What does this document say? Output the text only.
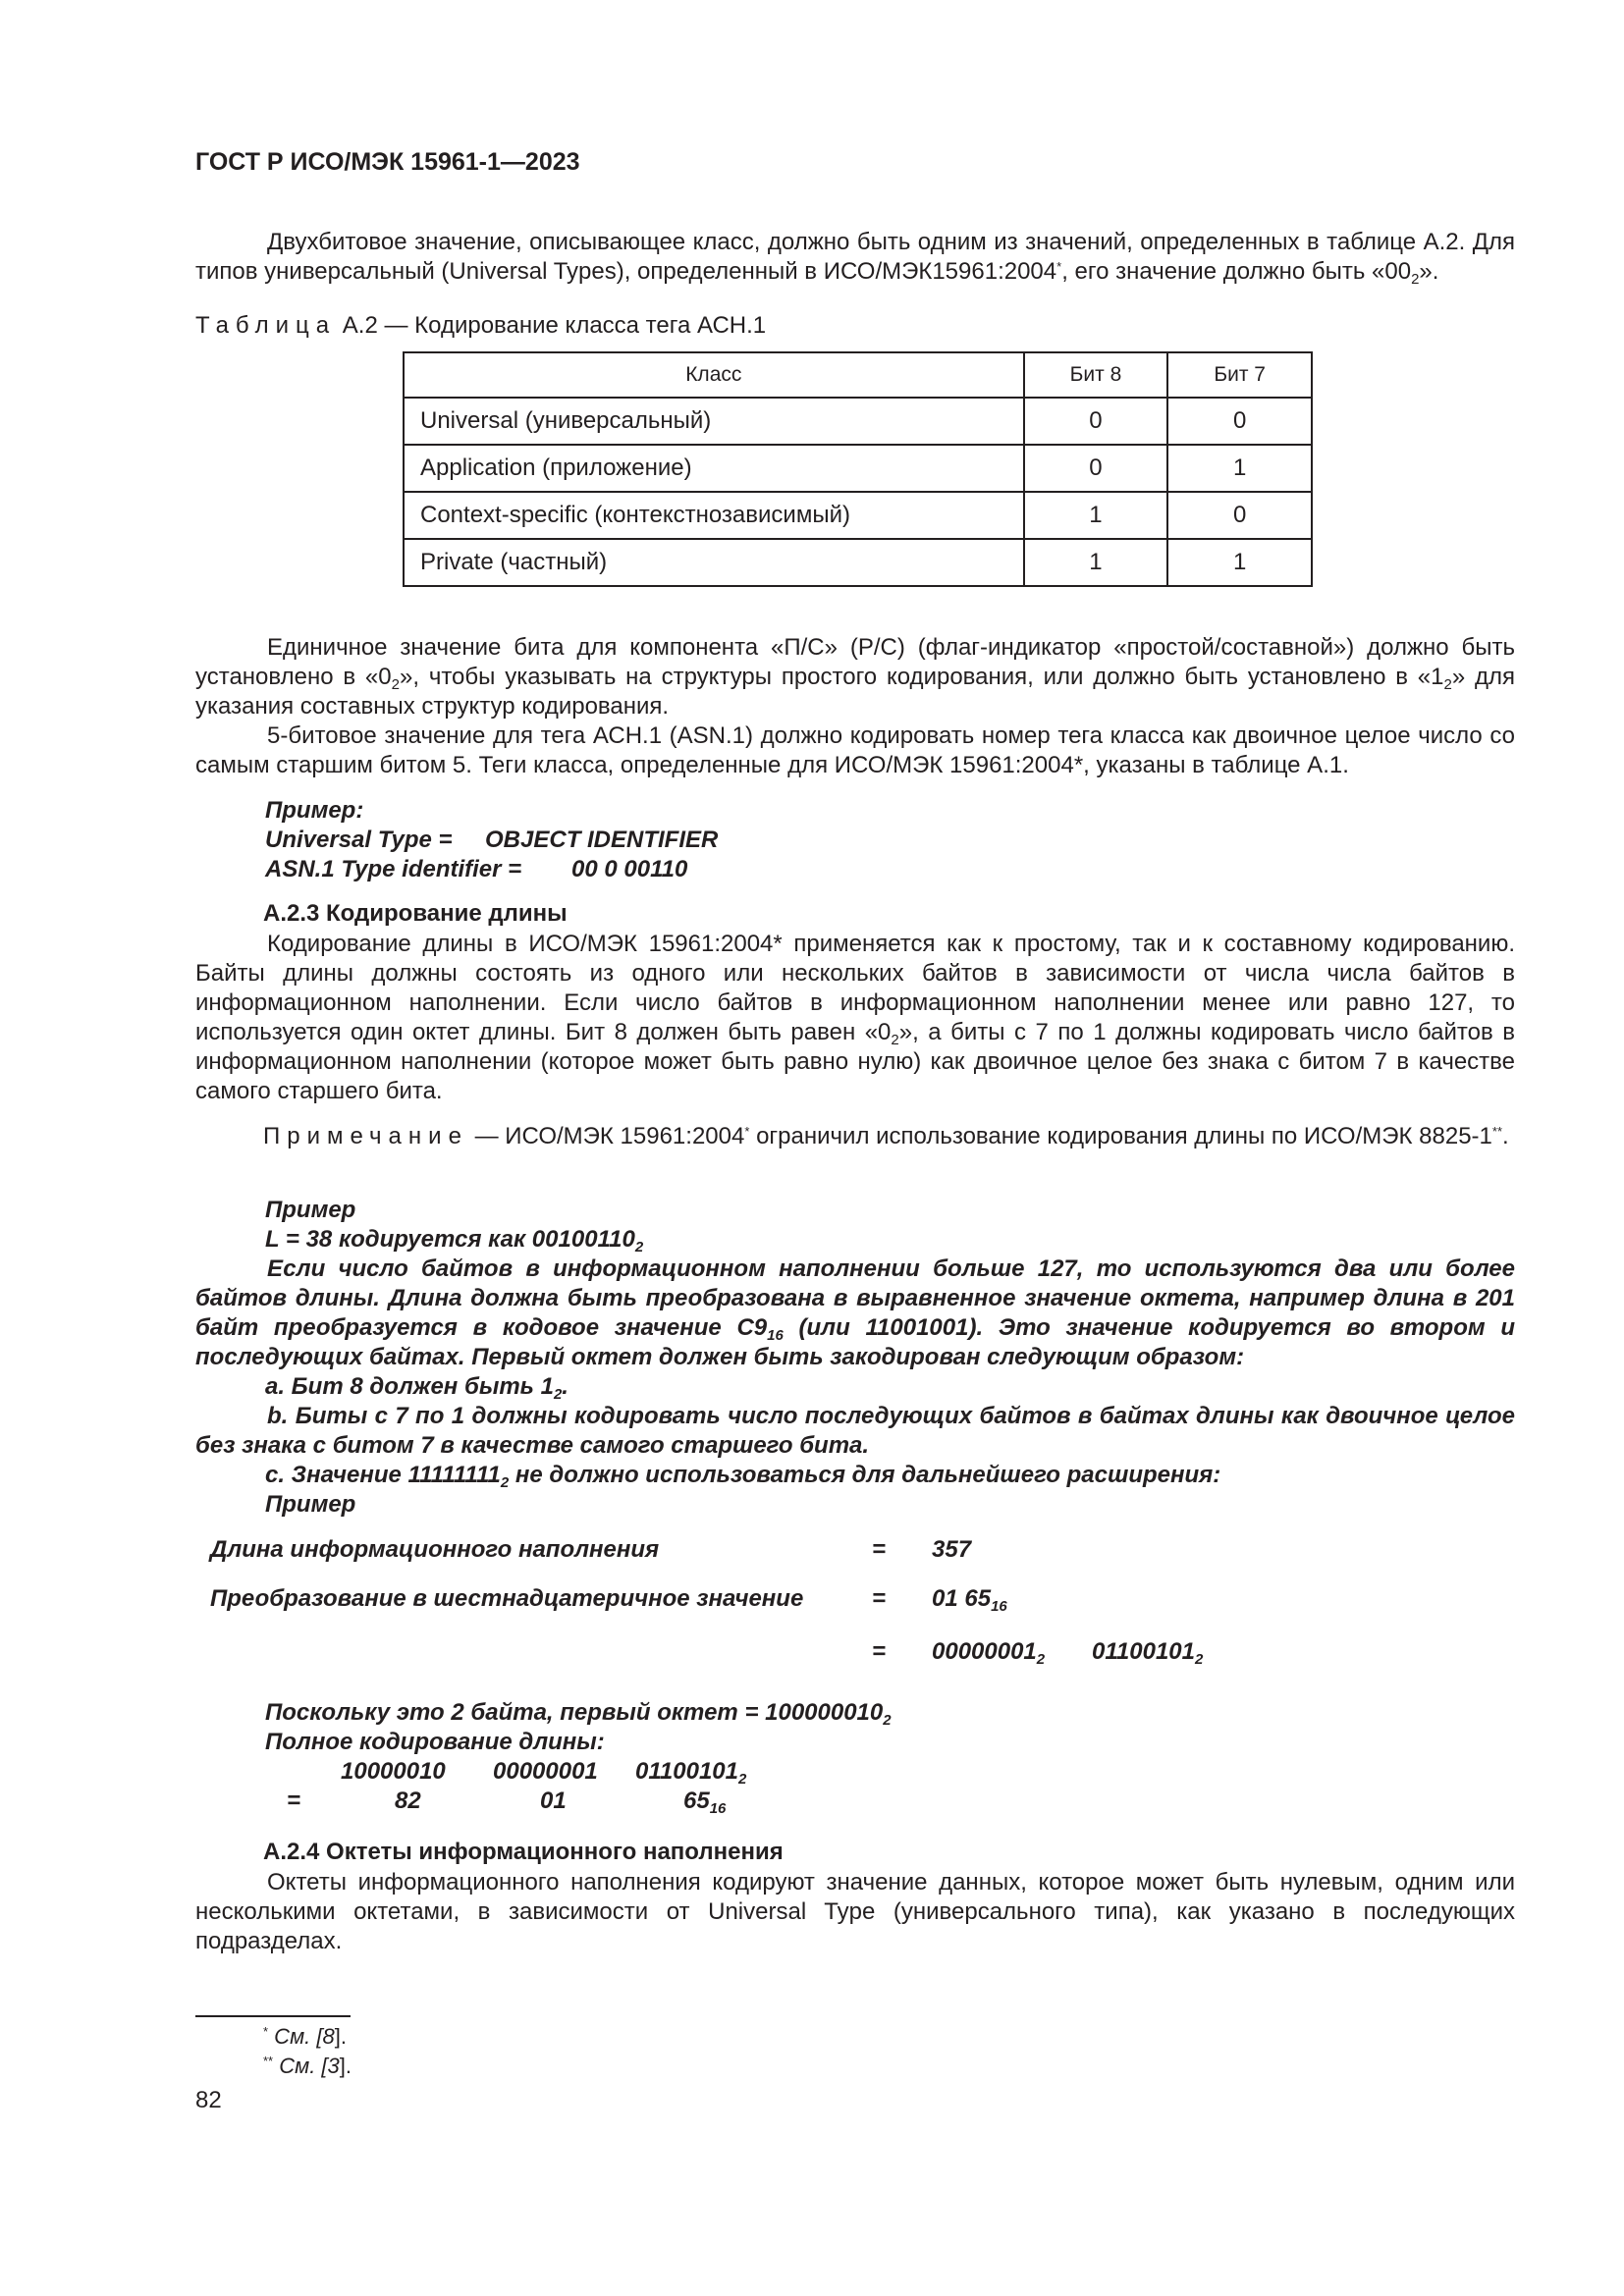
ГОСТ Р ИСО/МЭК 15961-1—2023

Двухбитовое значение, описывающее класс, должно быть одним из значений, определенных в таблице А.2. Для типов универсальный (Universal Types), определенный в ИСО/МЭК15961:2004*, его значение должно быть «$00_2$».

Таблица А.2 — Кодирование класса тега АСН.1
Класс	Бит 8	Бит 7
Universal (универсальный)	0	0
Application (приложение)	0	1
Context-specific (контекстнозависимый)	1	0
Private (частный)	1	1

Единичное значение бита для компонента «П/С» (P/C) (флаг-индикатор «простой/составной») должно быть установлено в «$0_2$», чтобы указывать на структуры простого кодирования, или должно быть установлено в «$1_2$» для указания составных структур кодирования.

5-битовое значение для тега АСН.1 (ASN.1) должно кодировать номер тега класса как двоичное целое число со самым старшим битом 5. Теги класса, определенные для ИСО/МЭК 15961:2004*, указаны в таблице А.1.

Пример:
Universal Type = OBJECT IDENTIFIER
ASN.1 Type identifier = 00 0 00110
А.2.3 Кодирование длины

Кодирование длины в ИСО/МЭК 15961:2004* применяется как к простому, так и к составному кодированию. Байты длины должны состоять из одного или нескольких байтов в зависимости от числа числа байтов в информационном наполнении. Если число байтов в информационном наполнении менее или равно 127, то используется один октет длины. Бит 8 должен быть равен «$0_2$», а биты с 7 по 1 должны кодировать число байтов в информационном наполнении (которое может быть равно нулю) как двоичное целое без знака с битом 7 в качестве самого старшего бита.

Примечание — ИСО/МЭК 15961:2004* ограничил использование кодирования длины по ИСО/МЭК 8825-1**.

Пример
L = 38 кодируется как $00100110_2$

Если число байтов в информационном наполнении больше 127, то используются два или более байтов длины. Длина должна быть преобразована в выравненное значение октета, например длина в 201 байт преобразуется в кодовое значение $C9_{16}$ (или 11001001). Это значение кодируется во втором и последующих байтах. Первый октет должен быть закодирован следующим образом:

а. Бит 8 должен быть $1_2$.

b. Биты с 7 по 1 должны кодировать число последующих байтов в байтах длины как двоичное целое без знака с битом 7 в качестве самого старшего бита.

с. Значение $11111111_2$ не должно использоваться для дальнейшего расширения:
Пример
Длина информационного наполнения	= 357
Преобразование в шестнадцатеричное значение	= 01 $65_{16}$
= $00000001_2$ $01100101_2$
Поскольку это 2 байта, первый октет = $100000010_2$
Полное кодирование длины:
10000010 00000001 $01100101_2$
=	82	01	$65_{16}$
А.2.4 Октеты информационного наполнения

Октеты информационного наполнения кодируют значение данных, которое может быть нулевым, одним или несколькими октетами, в зависимости от Universal Type (универсального типа), как указано в последующих подразделах.

* См. [8].
** См. [3].
82
